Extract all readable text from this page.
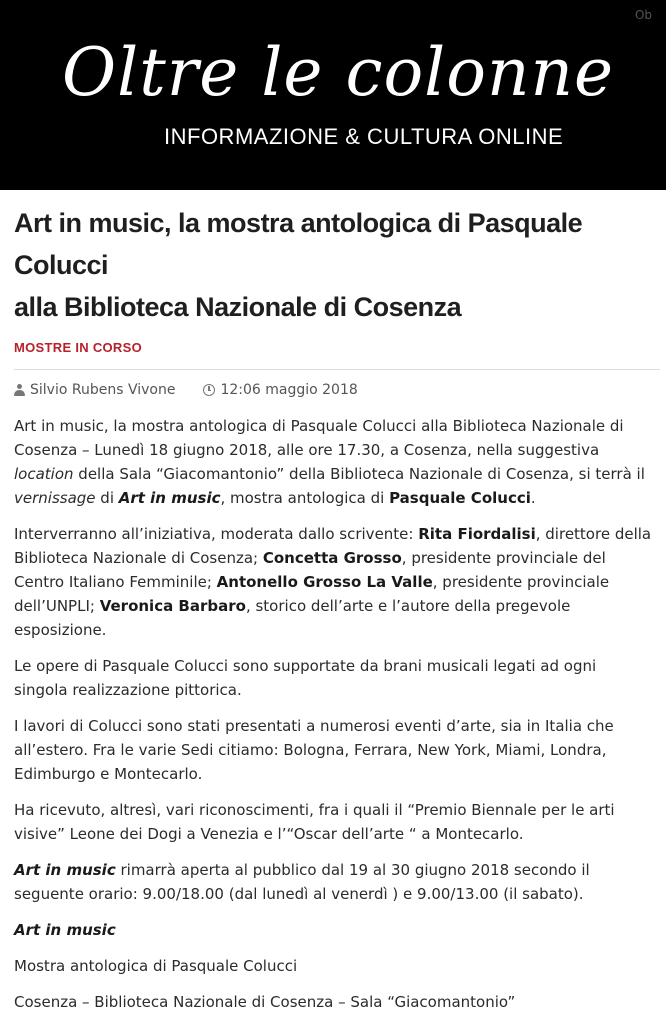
Oltre le colonne
INFORMAZIONE & CULTURA ONLINE
Ob
Art in music, la mostra antologica di Pasquale Colucci
alla Biblioteca Nazionale di Cosenza
MOSTRE IN CORSO
Silvio Rubens Vivone	12:06 maggio 2018

Art in music, la mostra antologica di Pasquale Colucci alla Biblioteca Nazionale di Cosenza – Lunedì 18 giugno 2018, alle ore 17.30, a Cosenza, nella suggestiva location della Sala “Giacomantonio” della Biblioteca Nazionale di Cosenza, si terrà il vernissage di Art in music, mostra antologica di Pasquale Colucci.

Interverranno all’iniziativa, moderata dallo scrivente: Rita Fiordalisi, direttore della Biblioteca Nazionale di Cosenza; Concetta Grosso, presidente provinciale del Centro Italiano Femminile; Antonello Grosso La Valle, presidente provinciale dell’UNPLI; Veronica Barbaro, storico dell’arte e l’autore della pregevole esposizione.

Le opere di Pasquale Colucci sono supportate da brani musicali legati ad ogni singola realizzazione pittorica.

I lavori di Colucci sono stati presentati a numerosi eventi d’arte, sia in Italia che all’estero. Fra le varie Sedi citiamo: Bologna, Ferrara, New York, Miami, Londra, Edimburgo e Montecarlo.

Ha ricevuto, altresì, vari riconoscimenti, fra i quali il “Premio Biennale per le arti visive” Leone dei Dogi a Venezia e l’“Oscar dell’arte “ a Montecarlo.

Art in music rimarrà aperta al pubblico dal 19 al 30 giugno 2018 secondo il seguente orario: 9.00/18.00 (dal lunedì al venerdì ) e 9.00/13.00 (il sabato).

Art in music

Mostra antologica di Pasquale Colucci

Cosenza – Biblioteca Nazionale di Cosenza – Sala “Giacomantonio”
